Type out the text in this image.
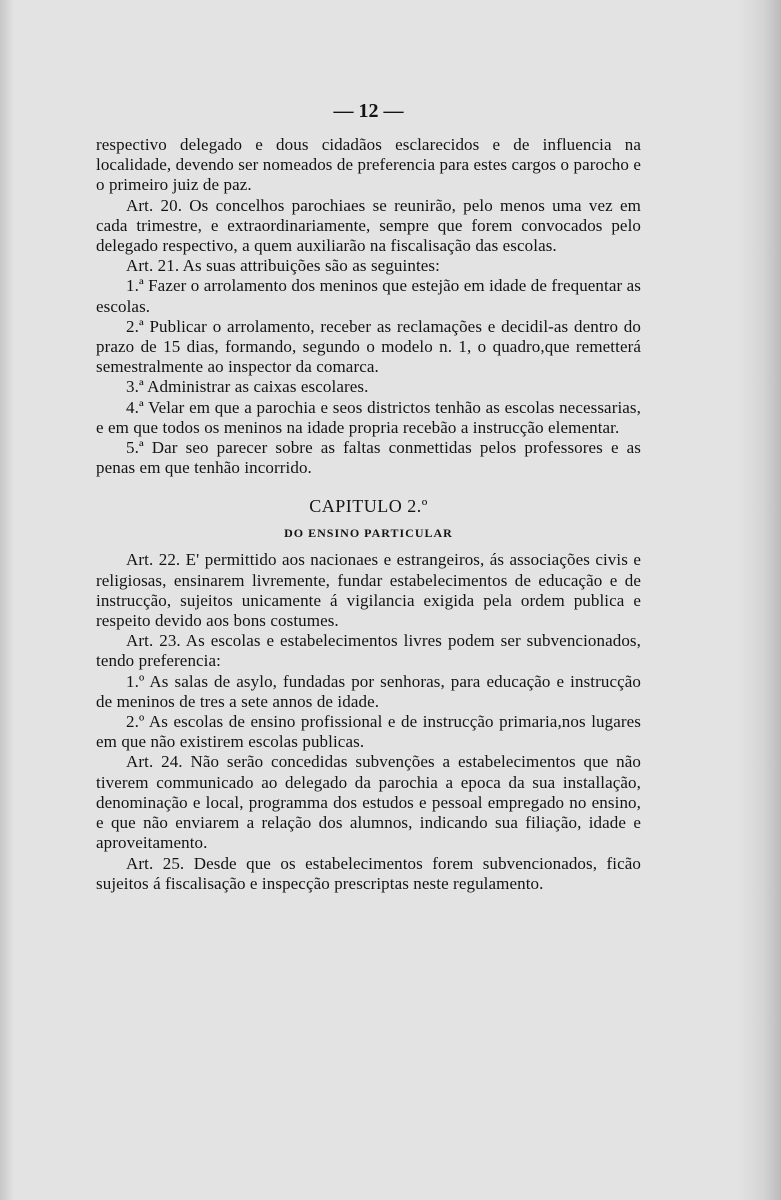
— 12 —

respectivo delegado e dous cidadãos esclarecidos e de influencia na localidade, devendo ser nomeados de preferencia para estes cargos o parocho e o primeiro juiz de paz.

Art. 20. Os concelhos parochiaes se reunirão, pelo menos uma vez em cada trimestre, e extraordinariamente, sempre que forem convocados pelo delegado respectivo, a quem auxiliarão na fiscalisação das escolas.

Art. 21. As suas attribuições são as seguintes:

1.ª Fazer o arrolamento dos meninos que estejão em idade de frequentar as escolas.

2.ª Publicar o arrolamento, receber as reclamações e decidil-as dentro do prazo de 15 dias, formando, segundo o modelo n. 1, o quadro,que remetterá semestralmente ao inspector da comarca.

3.ª Administrar as caixas escolares.

4.ª Velar em que a parochia e seos districtos tenhão as escolas necessarias, e em que todos os meninos na idade propria recebão a instrucção elementar.

5.ª Dar seo parecer sobre as faltas conmettidas pelos professores e as penas em que tenhão incorrido.

CAPITULO 2.º
DO ENSINO PARTICULAR

Art. 22. E' permittido aos nacionaes e estrangeiros, ás associações civis e religiosas, ensinarem livremente, fundar estabelecimentos de educação e de instrucção, sujeitos unicamente á vigilancia exigida pela ordem publica e respeito devido aos bons costumes.

Art. 23. As escolas e estabelecimentos livres podem ser subvencionados, tendo preferencia:

1.º As salas de asylo, fundadas por senhoras, para educação e instrucção de meninos de tres a sete annos de idade.

2.º As escolas de ensino profissional e de instrucção primaria,nos lugares em que não existirem escolas publicas.

Art. 24. Não serão concedidas subvenções a estabelecimentos que não tiverem communicado ao delegado da parochia a epoca da sua installação, denominação e local, programma dos estudos e pessoal empregado no ensino, e que não enviarem a relação dos alumnos, indicando sua filiação, idade e aproveitamento.

Art. 25. Desde que os estabelecimentos forem subvencionados, ficão sujeitos á fiscalisação e inspecção prescriptas neste regulamento.
